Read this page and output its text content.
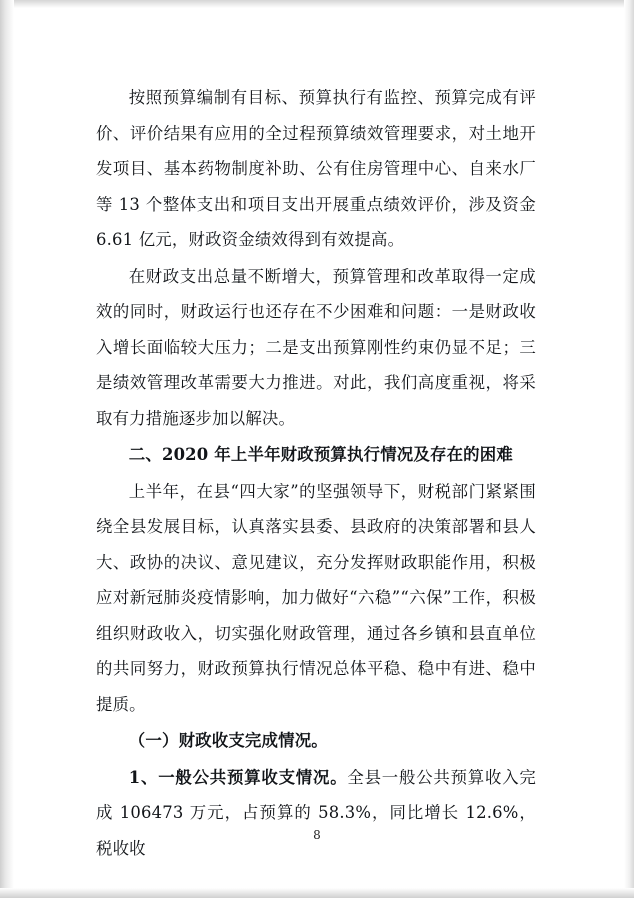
按照预算编制有目标、预算执行有监控、预算完成有评价、评价结果有应用的全过程预算绩效管理要求，对土地开发项目、基本药物制度补助、公有住房管理中心、自来水厂等 13 个整体支出和项目支出开展重点绩效评价，涉及资金 6.61 亿元，财政资金绩效得到有效提高。

在财政支出总量不断增大，预算管理和改革取得一定成效的同时，财政运行也还存在不少困难和问题：一是财政收入增长面临较大压力；二是支出预算刚性约束仍显不足；三是绩效管理改革需要大力推进。对此，我们高度重视，将采取有力措施逐步加以解决。

二、2020 年上半年财政预算执行情况及存在的困难

上半年，在县“四大家”的坚强领导下，财税部门紧紧围绕全县发展目标，认真落实县委、县政府的决策部署和县人大、政协的决议、意见建议，充分发挥财政职能作用，积极应对新冠肺炎疫情影响，加力做好“六稳”“六保”工作，积极组织财政收入，切实强化财政管理，通过各乡镇和县直单位的共同努力，财政预算执行情况总体平稳、稳中有进、稳中提质。

（一）财政收支完成情况。

1、一般公共预算收支情况。全县一般公共预算收入完成 106473 万元，占预算的 58.3%，同比增长 12.6%，税收收

8
